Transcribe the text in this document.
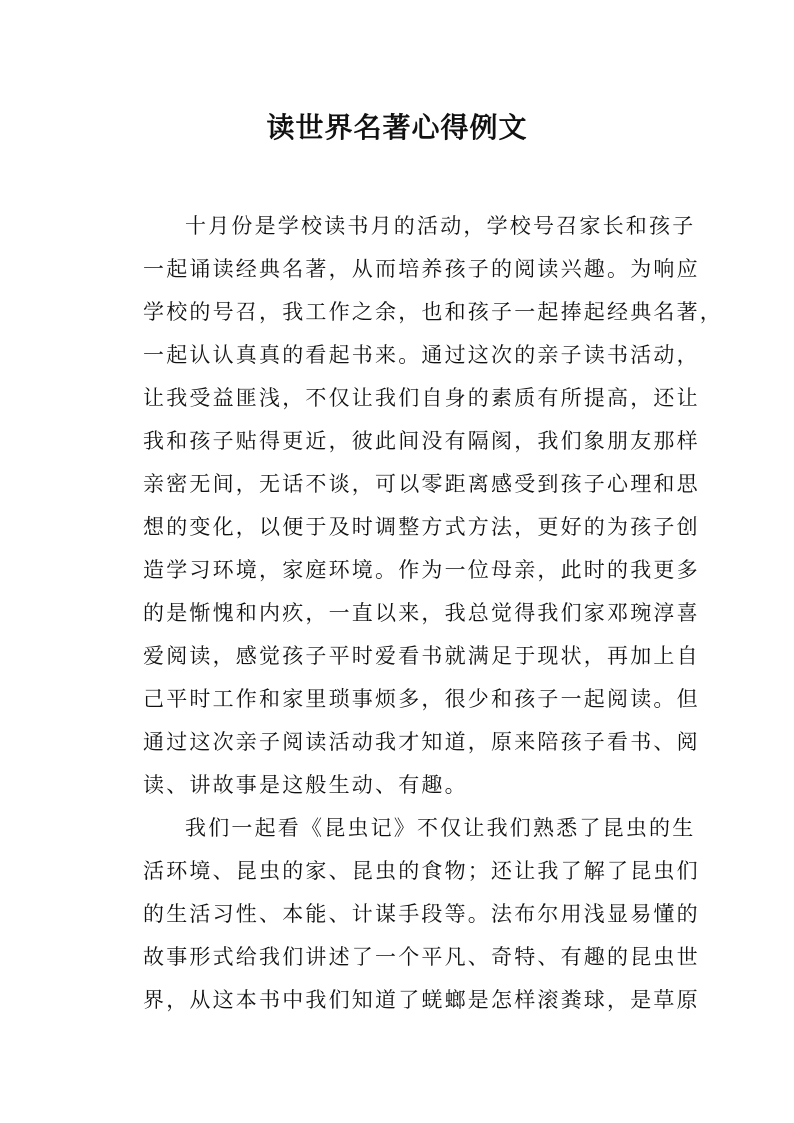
读世界名著心得例文
十月份是学校读书月的活动，学校号召家长和孩子
一起诵读经典名著，从而培养孩子的阅读兴趣。为响应
学校的号召，我工作之余，也和孩子一起捧起经典名著，
一起认认真真的看起书来。通过这次的亲子读书活动，
让我受益匪浅，不仅让我们自身的素质有所提高，还让
我和孩子贴得更近，彼此间没有隔阂，我们象朋友那样
亲密无间，无话不谈，可以零距离感受到孩子心理和思
想的变化，以便于及时调整方式方法，更好的为孩子创
造学习环境，家庭环境。作为一位母亲，此时的我更多
的是惭愧和内疚，一直以来，我总觉得我们家邓琬淳喜
爱阅读，感觉孩子平时爱看书就满足于现状，再加上自
己平时工作和家里琐事烦多，很少和孩子一起阅读。但
通过这次亲子阅读活动我才知道，原来陪孩子看书、阅
读、讲故事是这般生动、有趣。
我们一起看《昆虫记》不仅让我们熟悉了昆虫的生
活环境、昆虫的家、昆虫的食物；还让我了解了昆虫们
的生活习性、本能、计谋手段等。法布尔用浅显易懂的
故事形式给我们讲述了一个平凡、奇特、有趣的昆虫世
界，从这本书中我们知道了蜣螂是怎样滚粪球，是草原
